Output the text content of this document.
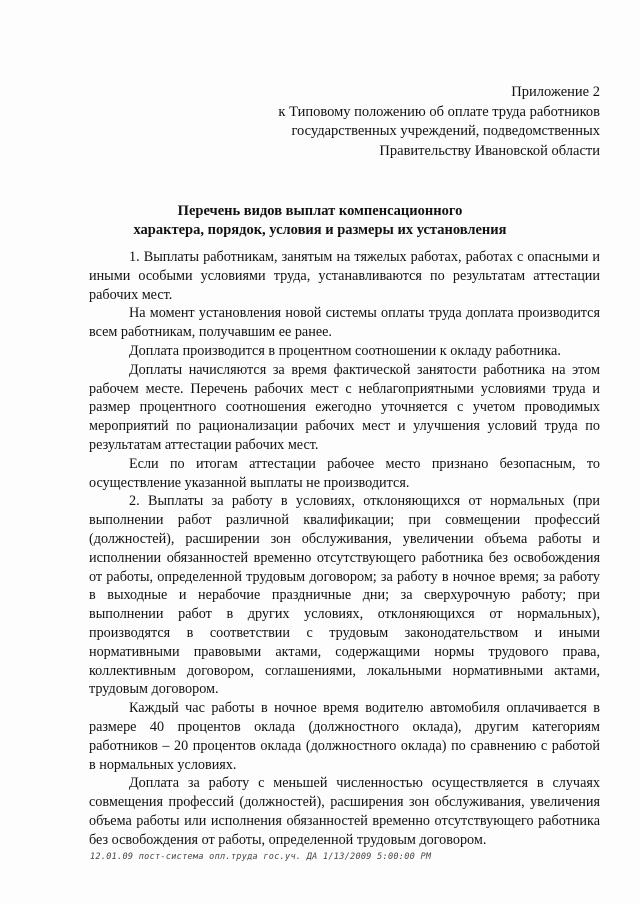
Приложение 2
к Типовому положению об оплате труда работников
государственных учреждений, подведомственных
Правительству Ивановской области
Перечень видов выплат компенсационного
характера, порядок, условия и размеры их установления

1. Выплаты работникам, занятым на тяжелых работах, работах с опасными и иными особыми условиями труда, устанавливаются по результатам аттестации рабочих мест.

На момент установления новой системы оплаты труда доплата производится всем работникам, получавшим ее ранее.

Доплата производится в процентном соотношении к окладу работника.

Доплаты начисляются за время фактической занятости работника на этом рабочем месте. Перечень рабочих мест с неблагоприятными условиями труда и размер процентного соотношения ежегодно уточняется с учетом проводимых мероприятий по рационализации рабочих мест и улучшения условий труда по результатам аттестации рабочих мест.

Если по итогам аттестации рабочее место признано безопасным, то осуществление указанной выплаты не производится.

2. Выплаты за работу в условиях, отклоняющихся от нормальных (при выполнении работ различной квалификации; при совмещении профессий (должностей), расширении зон обслуживания, увеличении объема работы и исполнении обязанностей временно отсутствующего работника без освобождения от работы, определенной трудовым договором; за работу в ночное время; за работу в выходные и нерабочие праздничные дни; за сверхурочную работу; при выполнении работ в других условиях, отклоняющихся от нормальных), производятся в соответствии с трудовым законодательством и иными нормативными правовыми актами, содержащими нормы трудового права, коллективным договором, соглашениями, локальными нормативными актами, трудовым договором.

Каждый час работы в ночное время водителю автомобиля оплачивается в размере 40 процентов оклада (должностного оклада), другим категориям работников – 20 процентов оклада (должностного оклада) по сравнению с работой в нормальных условиях.

Доплата за работу с меньшей численностью осуществляется в случаях совмещения профессий (должностей), расширения зон обслуживания, увеличения объема работы или исполнения обязанностей временно отсутствующего работника без освобождения от работы, определенной трудовым договором.

12.01.09 пост-система опл.труда гос.уч. ДА 1/13/2009 5:00:00 PM
